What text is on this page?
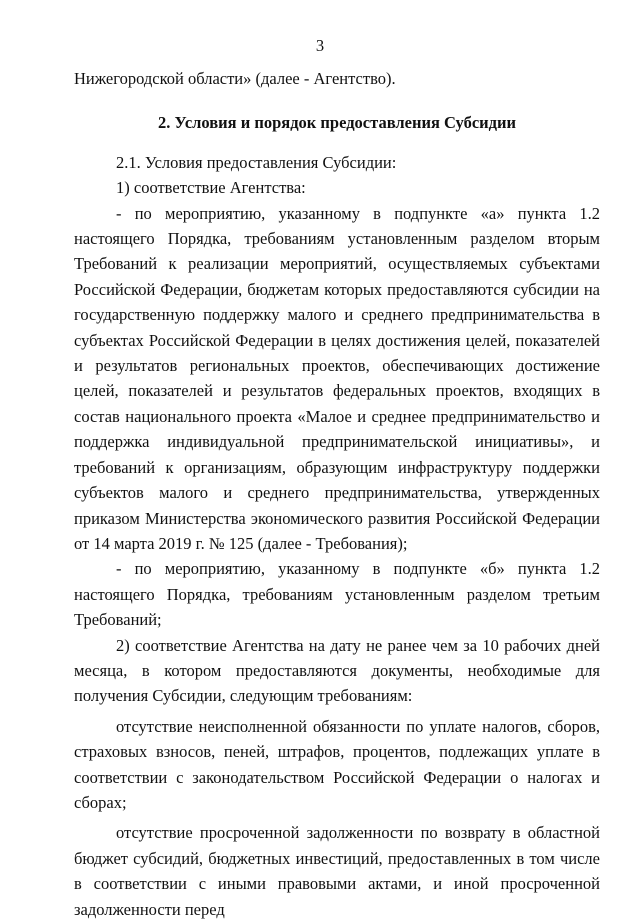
3

Нижегородской области» (далее - Агентство).

2. Условия и порядок предоставления Субсидии

2.1. Условия предоставления Субсидии:

1) соответствие Агентства:

- по мероприятию, указанному в подпункте «а» пункта 1.2 настоящего Порядка, требованиям установленным разделом вторым Требований к реализации мероприятий, осуществляемых субъектами Российской Федерации, бюджетам которых предоставляются субсидии на государственную поддержку малого и среднего предпринимательства в субъектах Российской Федерации в целях достижения целей, показателей и результатов региональных проектов, обеспечивающих достижение целей, показателей и результатов федеральных проектов, входящих в состав национального проекта «Малое и среднее предпринимательство и поддержка индивидуальной предпринимательской инициативы», и требований к организациям, образующим инфраструктуру поддержки субъектов малого и среднего предпринимательства, утвержденных приказом Министерства экономического развития Российской Федерации от 14 марта 2019 г. № 125 (далее - Требования);

- по мероприятию, указанному в подпункте «б» пункта 1.2 настоящего Порядка, требованиям установленным разделом третьим Требований;

2) соответствие Агентства на дату не ранее чем за 10 рабочих дней месяца, в котором предоставляются документы, необходимые для получения Субсидии, следующим требованиям:

отсутствие неисполненной обязанности по уплате налогов, сборов, страховых взносов, пеней, штрафов, процентов, подлежащих уплате в соответствии с законодательством Российской Федерации о налогах и сборах;

отсутствие просроченной задолженности по возврату в областной бюджет субсидий, бюджетных инвестиций, предоставленных в том числе в соответствии с иными правовыми актами, и иной просроченной задолженности перед
